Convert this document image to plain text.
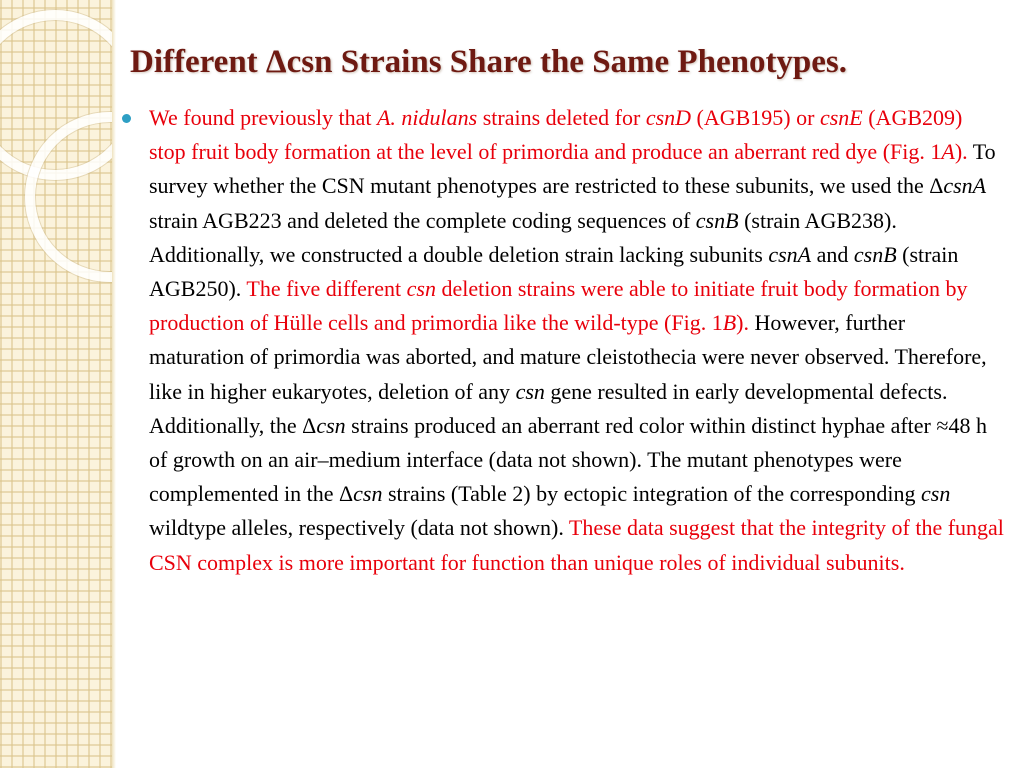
Different Δcsn Strains Share the Same Phenotypes.

We found previously that A. nidulans strains deleted for csnD (AGB195) or csnE (AGB209) stop fruit body formation at the level of primordia and produce an aberrant red dye (Fig. 1A). To survey whether the CSN mutant phenotypes are restricted to these subunits, we used the ΔcsnA strain AGB223 and deleted the complete coding sequences of csnB (strain AGB238). Additionally, we constructed a double deletion strain lacking subunits csnA and csnB (strain AGB250). The five different csn deletion strains were able to initiate fruit body formation by production of Hülle cells and primordia like the wild-type (Fig. 1B). However, further maturation of primordia was aborted, and mature cleistothecia were never observed. Therefore, like in higher eukaryotes, deletion of any csn gene resulted in early developmental defects. Additionally, the Δcsn strains produced an aberrant red color within distinct hyphae after ≈48 h of growth on an air–medium interface (data not shown). The mutant phenotypes were complemented in the Δcsn strains (Table 2) by ectopic integration of the corresponding csn wildtype alleles, respectively (data not shown). These data suggest that the integrity of the fungal CSN complex is more important for function than unique roles of individual subunits.
